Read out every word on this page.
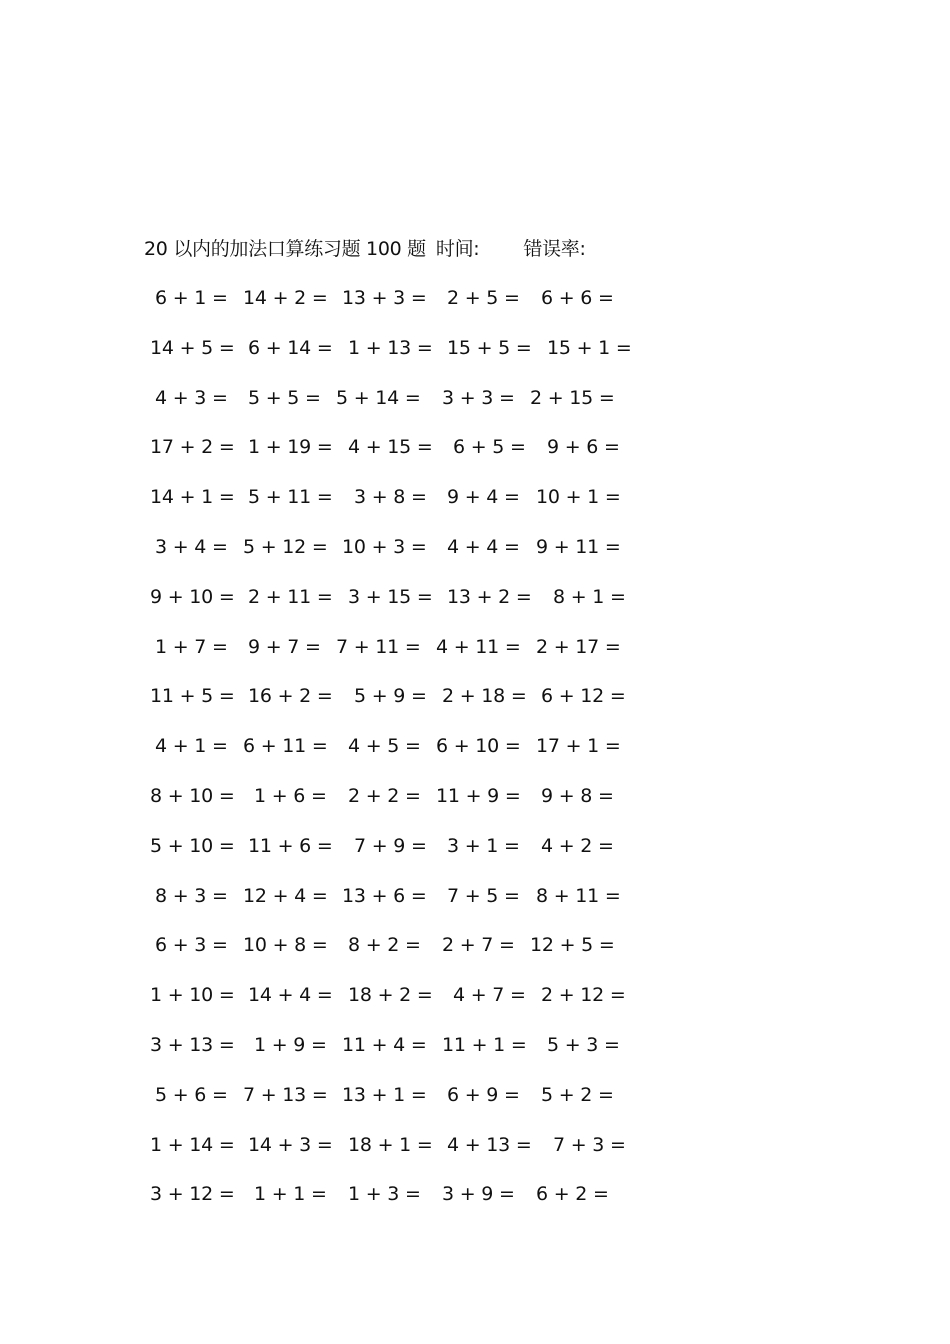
20 以内的加法口算练习题 100 题 时间: 错误率:
6 + 1 = 14 + 2 = 13 + 3 = 2 + 5 = 6 + 6 =
14 + 5 = 6 + 14 = 1 + 13 = 15 + 5 = 15 + 1 =
4 + 3 = 5 + 5 = 5 + 14 = 3 + 3 = 2 + 15 =
17 + 2 = 1 + 19 = 4 + 15 = 6 + 5 = 9 + 6 =
14 + 1 = 5 + 11 = 3 + 8 = 9 + 4 = 10 + 1 =
3 + 4 = 5 + 12 = 10 + 3 = 4 + 4 = 9 + 11 =
9 + 10 = 2 + 11 = 3 + 15 = 13 + 2 = 8 + 1 =
1 + 7 = 9 + 7 = 7 + 11 = 4 + 11 = 2 + 17 =
11 + 5 = 16 + 2 = 5 + 9 = 2 + 18 = 6 + 12 =
4 + 1 = 6 + 11 = 4 + 5 = 6 + 10 = 17 + 1 =
8 + 10 = 1 + 6 = 2 + 2 = 11 + 9 = 9 + 8 =
5 + 10 = 11 + 6 = 7 + 9 = 3 + 1 = 4 + 2 =
8 + 3 = 12 + 4 = 13 + 6 = 7 + 5 = 8 + 11 =
6 + 3 = 10 + 8 = 8 + 2 = 2 + 7 = 12 + 5 =
1 + 10 = 14 + 4 = 18 + 2 = 4 + 7 = 2 + 12 =
3 + 13 = 1 + 9 = 11 + 4 = 11 + 1 = 5 + 3 =
5 + 6 = 7 + 13 = 13 + 1 = 6 + 9 = 5 + 2 =
1 + 14 = 14 + 3 = 18 + 1 = 4 + 13 = 7 + 3 =
3 + 12 = 1 + 1 = 1 + 3 = 3 + 9 = 6 + 2 =
